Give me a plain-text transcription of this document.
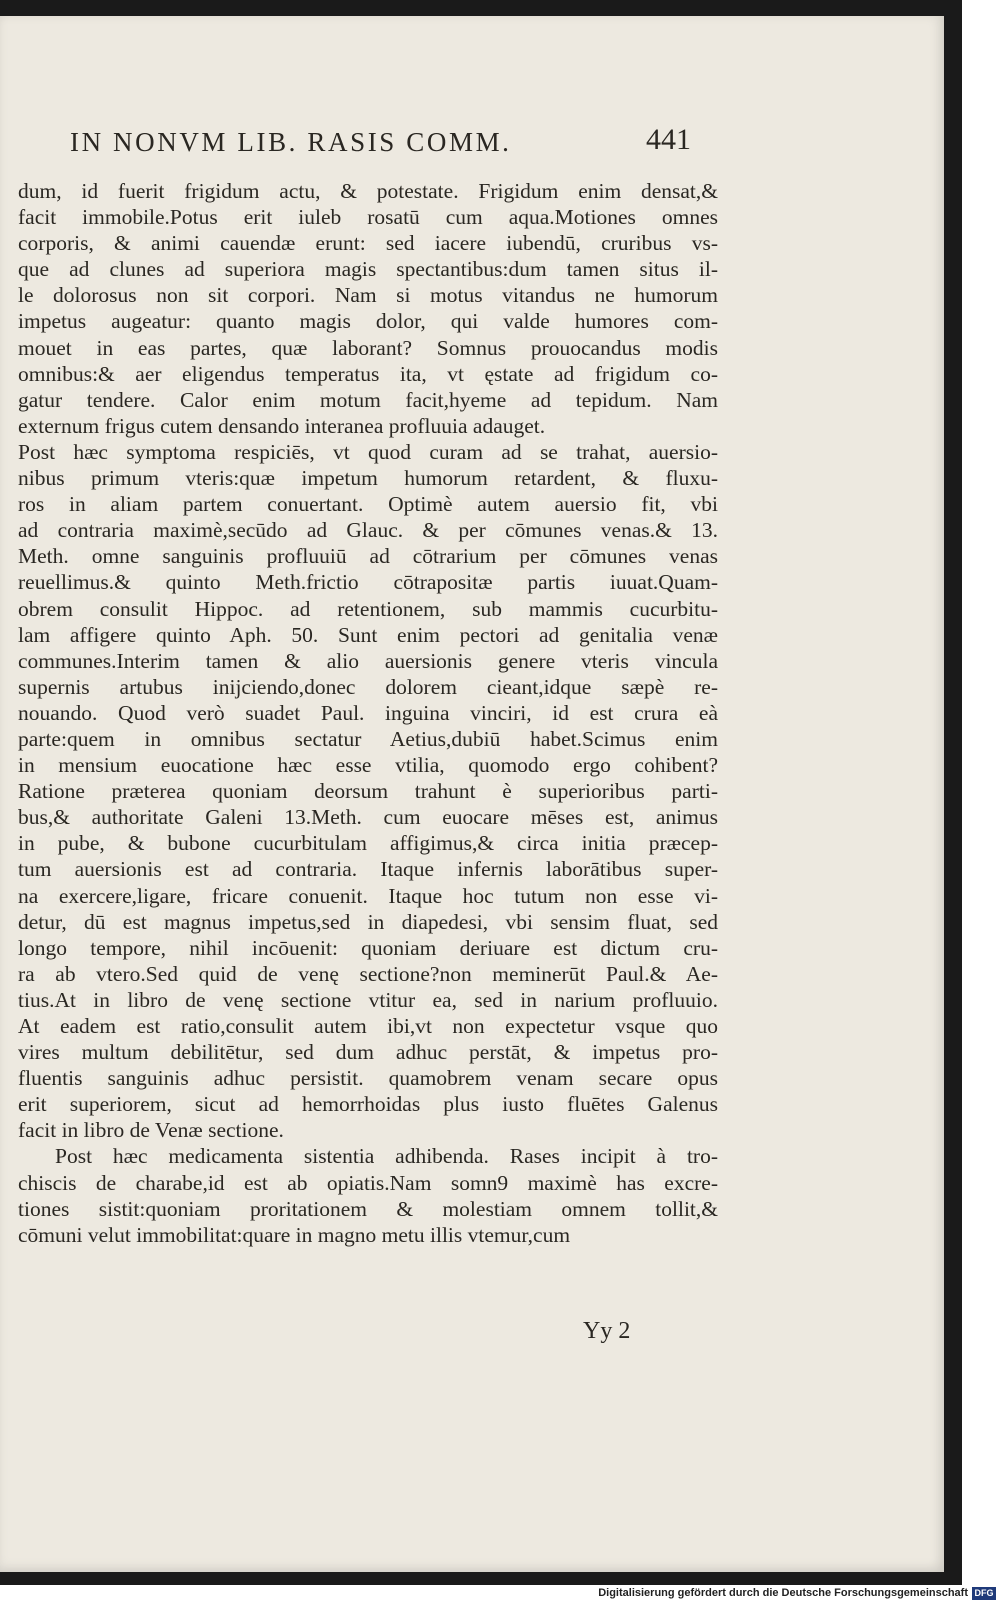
IN NONVM LIB. RASIS COMM.	441
dum, id fuerit frigidum actu, & potestate. Frigidum enim densat,&
facit immobile.Potus erit iuleb rosatū cum aqua.Motiones omnes
corporis, & animi cauendæ erunt: sed iacere iubendū, cruribus vs-
que ad clunes ad superiora magis spectantibus:dum tamen situs il-
le dolorosus non sit corpori. Nam si motus vitandus ne humorum
impetus augeatur: quanto magis dolor, qui valde humores com-
mouet in eas partes, quæ laborant? Somnus prouocandus modis
omnibus:& aer eligendus temperatus ita, vt ęstate ad frigidum co-
gatur tendere. Calor enim motum facit,hyeme ad tepidum. Nam
externum frigus cutem densando interanea profluuia adauget.
Post hæc symptoma respiciēs, vt quod curam ad se trahat, auersio-
nibus primum vteris:quæ impetum humorum retardent, & fluxu-
ros in aliam partem conuertant. Optimè autem auersio fit, vbi
ad contraria maximè,secūdo ad Glauc. & per cōmunes venas.& 13.
Meth. omne sanguinis profluuiū ad cōtrarium per cōmunes venas
reuellimus.& quinto Meth.frictio cōtrapositæ partis iuuat.Quam-
obrem consulit Hippoc. ad retentionem, sub mammis cucurbitu-
lam affigere quinto Aph. 50. Sunt enim pectori ad genitalia venæ
communes.Interim tamen & alio auersionis genere vteris vincula
supernis artubus inijciendo,donec dolorem cieant,idque sæpè re-
nouando. Quod verò suadet Paul. inguina vinciri, id est crura eà
parte:quem in omnibus sectatur Aetius,dubiū habet.Scimus enim
in mensium euocatione hæc esse vtilia, quomodo ergo cohibent?
Ratione præterea quoniam deorsum trahunt è superioribus parti-
bus,& authoritate Galeni 13.Meth. cum euocare mēses est, animus
in pube, & bubone cucurbitulam affigimus,& circa initia præcep-
tum auersionis est ad contraria. Itaque infernis laborātibus super-
na exercere,ligare, fricare conuenit. Itaque hoc tutum non esse vi-
detur, dū est magnus impetus,sed in diapedesi, vbi sensim fluat, sed
longo tempore, nihil incōuenit: quoniam deriuare est dictum cru-
ra ab vtero.Sed quid de venę sectione?non meminerūt Paul.& Ae-
tius.At in libro de venę sectione vtitur ea, sed in narium profluuio.
At eadem est ratio,consulit autem ibi,vt non expectetur vsque quo
vires multum debilitētur, sed dum adhuc perstāt, & impetus pro-
fluentis sanguinis adhuc persistit. quamobrem venam secare opus
erit superiorem, sicut ad hemorrhoidas plus iusto fluētes Galenus
facit in libro de Venæ sectione.
Post hæc medicamenta sistentia adhibenda. Rases incipit à tro-
chiscis de charabe,id est ab opiatis.Nam somn9 maximè has excre-
tiones sistit:quoniam proritationem & molestiam omnem tollit,&
cōmuni velut immobilitat:quare in magno metu illis vtemur,cum
Yy 2
Digitalisierung gefördert durch die Deutsche Forschungsgemeinschaft DFG
